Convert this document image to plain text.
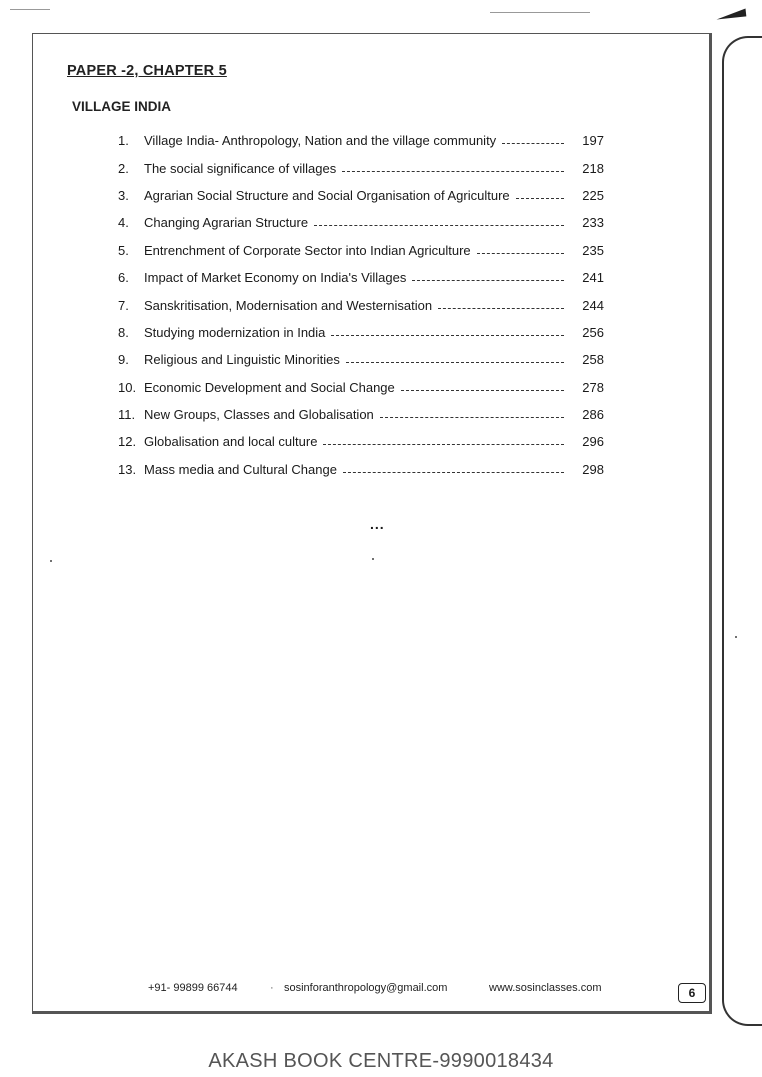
PAPER -2, CHAPTER 5
VILLAGE INDIA
1.	Village India- Anthropology, Nation and the village community	197
2.	The social significance of villages	218
3.	Agrarian Social Structure and Social Organisation of Agriculture	225
4.	Changing Agrarian Structure	233
5.	Entrenchment of Corporate Sector into Indian Agriculture	235
6.	Impact of Market Economy on India's Villages	241
7.	Sanskritisation, Modernisation and Westernisation	244
8.	Studying modernization in India	256
9.	Religious and Linguistic Minorities	258
10. Economic Development and Social Change	278
11. New Groups, Classes and Globalisation	286
12. Globalisation and local culture	296
13. Mass media and Cultural Change	298
...
+91- 99899 66744	· sosinforanthropology@gmail.com	www.sosinclasses.com	6
AKASH BOOK CENTRE-9990018434
